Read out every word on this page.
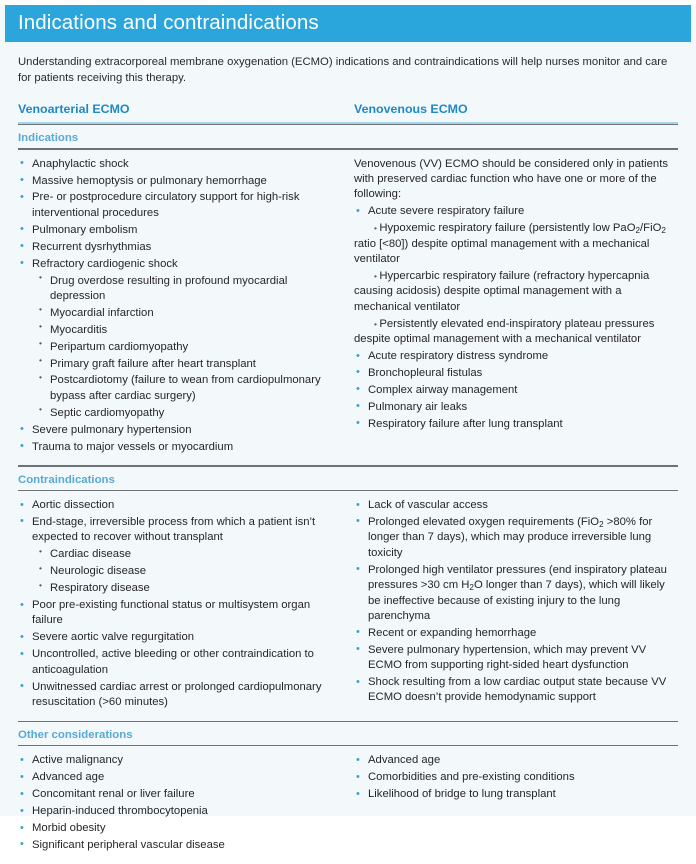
Indications and contraindications
Understanding extracorporeal membrane oxygenation (ECMO) indications and contraindications will help nurses monitor and care for patients receiving this therapy.
Venoarterial ECMO	Venovenous ECMO
Indications
• Anaphylactic shock
• Massive hemoptysis or pulmonary hemorrhage
• Pre- or postprocedure circulatory support for high-risk interventional procedures
• Pulmonary embolism
• Recurrent dysrhythmias
• Refractory cardiogenic shock
• Drug overdose resulting in profound myocardial depression
• Myocardial infarction
• Myocarditis
• Peripartum cardiomyopathy
• Primary graft failure after heart transplant
• Postcardiotomy (failure to wean from cardiopulmonary bypass after cardiac surgery)
• Septic cardiomyopathy
• Severe pulmonary hypertension
• Trauma to major vessels or myocardium
Venovenous (VV) ECMO should be considered only in patients with preserved cardiac function who have one or more of the following:
• Acute severe respiratory failure
• Hypoxemic respiratory failure (persistently low PaO$_2$/FiO$_2$ ratio [<80]) despite optimal management with a mechanical ventilator
• Hypercarbic respiratory failure (refractory hypercapnia causing acidosis) despite optimal management with a mechanical ventilator
• Persistently elevated end-inspiratory plateau pressures despite optimal management with a mechanical ventilator
• Acute respiratory distress syndrome
• Bronchopleural fistulas
• Complex airway management
• Pulmonary air leaks
• Respiratory failure after lung transplant
Contraindications
• Aortic dissection
• End-stage, irreversible process from which a patient isn’t expected to recover without transplant
• Cardiac disease
• Neurologic disease
• Respiratory disease
• Poor pre-existing functional status or multisystem organ failure
• Severe aortic valve regurgitation
• Uncontrolled, active bleeding or other contraindication to anticoagulation
• Unwitnessed cardiac arrest or prolonged cardiopulmonary resuscitation (>60 minutes)
• Lack of vascular access
• Prolonged elevated oxygen requirements (FiO$_2$ >80% for longer than 7 days), which may produce irreversible lung toxicity
• Prolonged high ventilator pressures (end inspiratory plateau pressures >30 cm $H_2O$ longer than 7 days), which will likely be ineffective because of existing injury to the lung parenchyma
• Recent or expanding hemorrhage
• Severe pulmonary hypertension, which may prevent VV ECMO from supporting right-sided heart dysfunction
• Shock resulting from a low cardiac output state because VV ECMO doesn’t provide hemodynamic support
Other considerations
• Active malignancy
• Advanced age
• Concomitant renal or liver failure
• Heparin-induced thrombocytopenia
• Morbid obesity
• Significant peripheral vascular disease
• Advanced age
• Comorbidities and pre-existing conditions
• Likelihood of bridge to lung transplant
